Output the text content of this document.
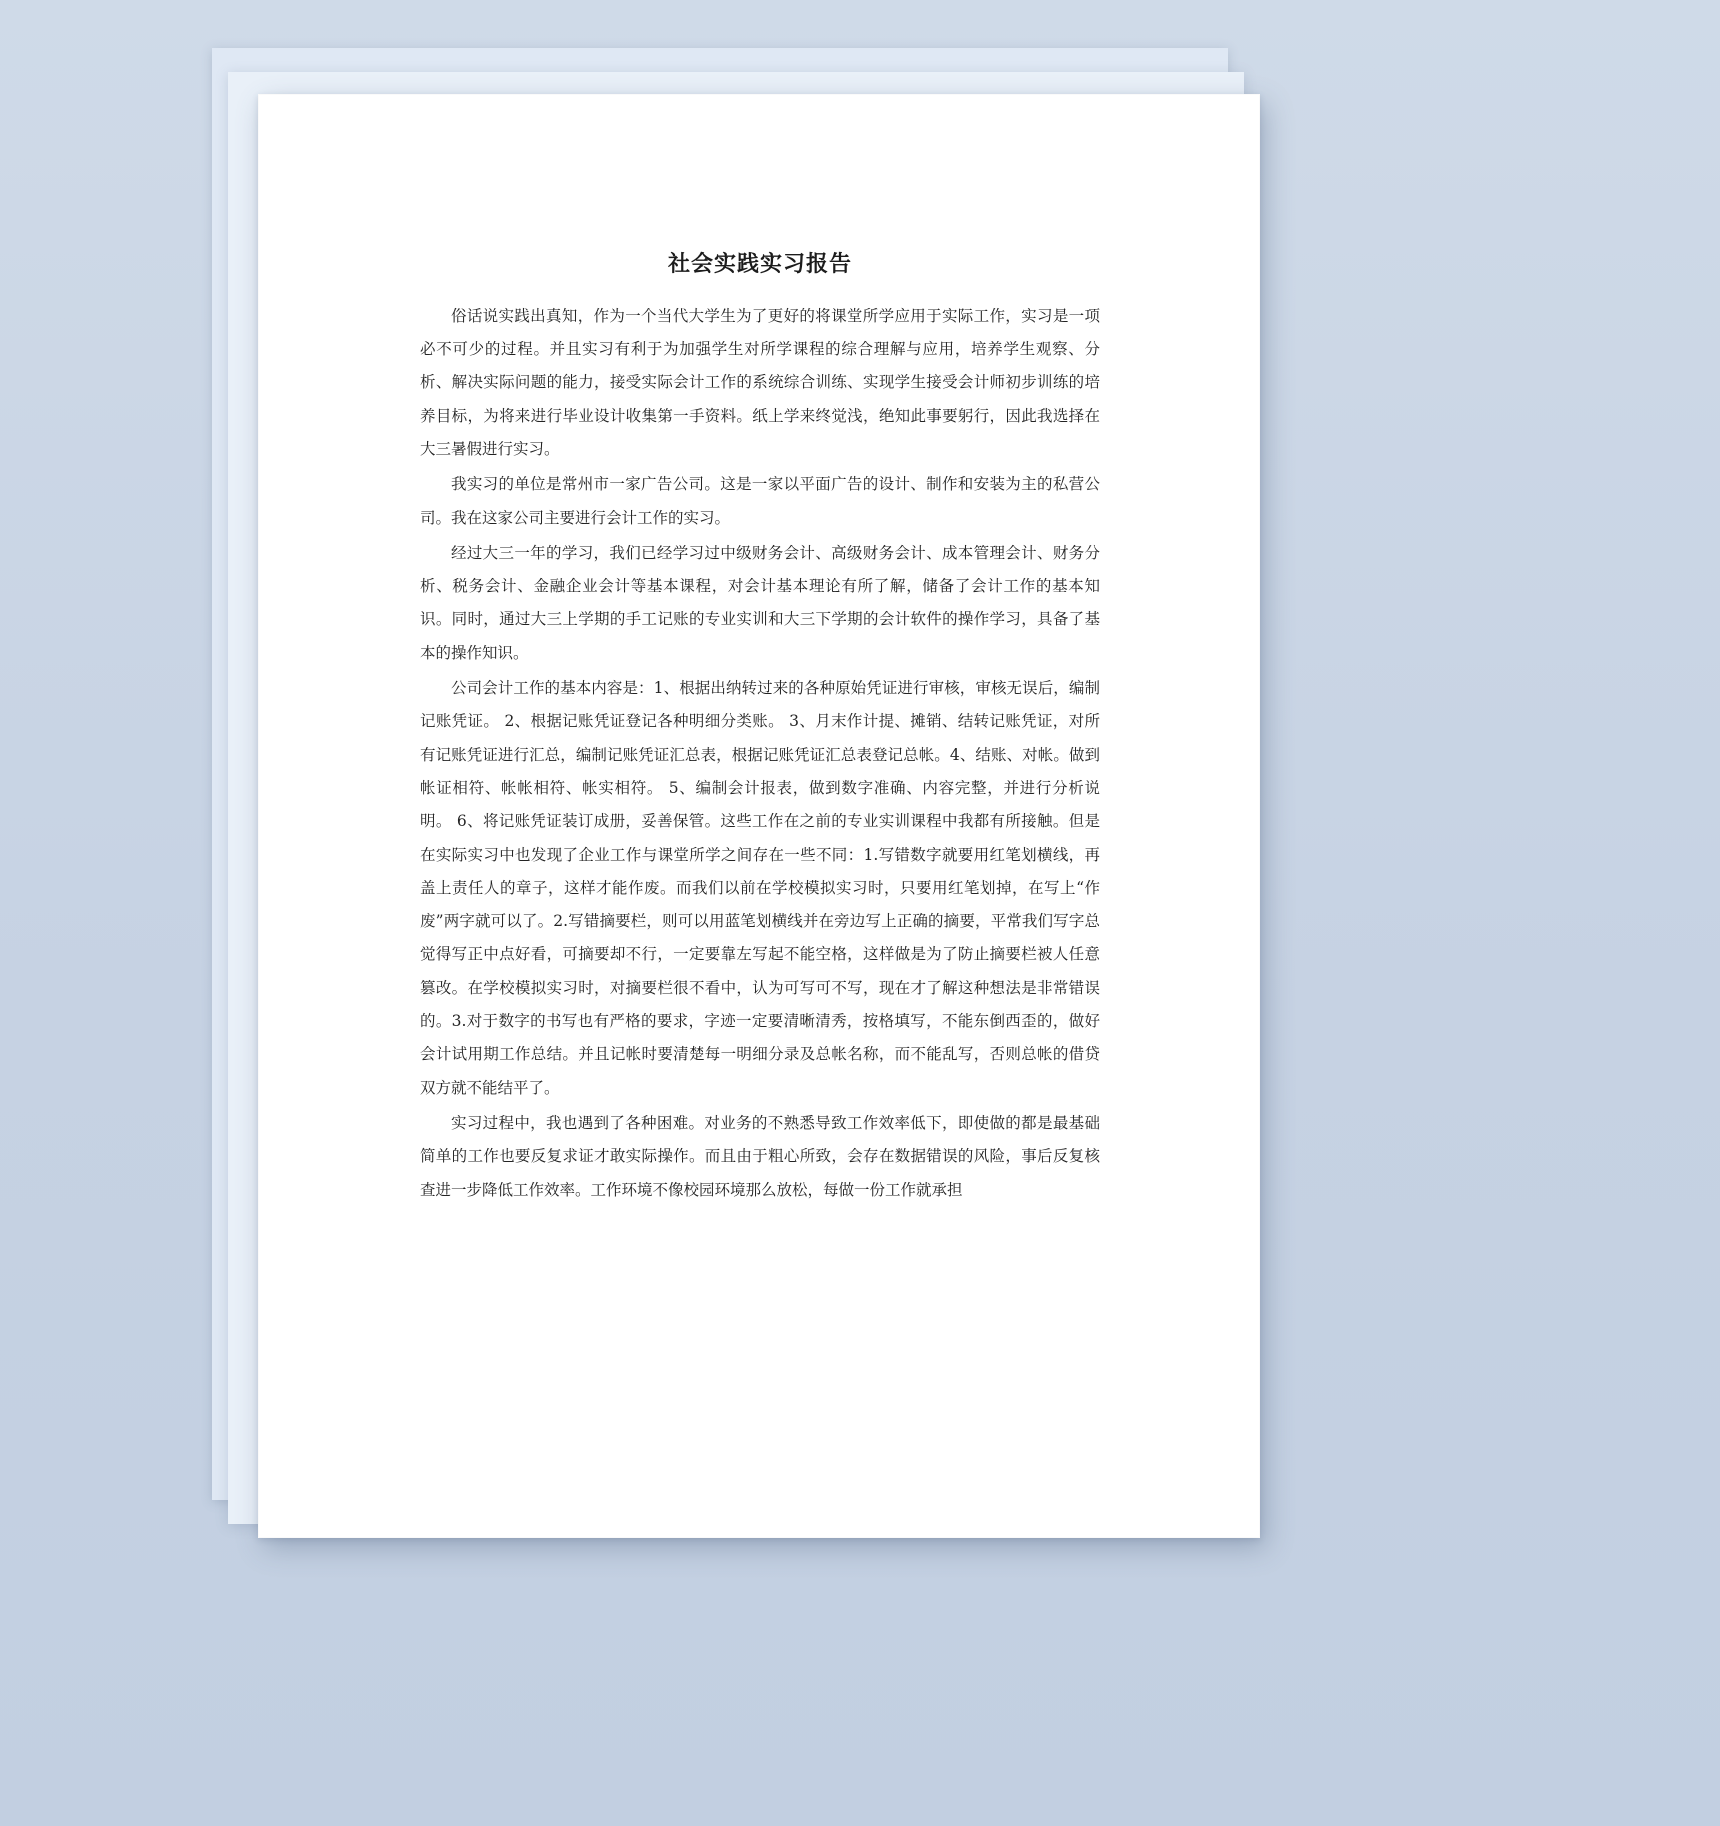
社会实践实习报告

俗话说实践出真知，作为一个当代大学生为了更好的将课堂所学应用于实际工作，实习是一项必不可少的过程。并且实习有利于为加强学生对所学课程的综合理解与应用，培养学生观察、分析、解决实际问题的能力，接受实际会计工作的系统综合训练、实现学生接受会计师初步训练的培养目标，为将来进行毕业设计收集第一手资料。纸上学来终觉浅，绝知此事要躬行，因此我选择在大三暑假进行实习。

我实习的单位是常州市一家广告公司。这是一家以平面广告的设计、制作和安装为主的私营公司。我在这家公司主要进行会计工作的实习。

经过大三一年的学习，我们已经学习过中级财务会计、高级财务会计、成本管理会计、财务分析、税务会计、金融企业会计等基本课程，对会计基本理论有所了解，储备了会计工作的基本知识。同时，通过大三上学期的手工记账的专业实训和大三下学期的会计软件的操作学习，具备了基本的操作知识。

公司会计工作的基本内容是：1、根据出纳转过来的各种原始凭证进行审核，审核无误后，编制记账凭证。 2、根据记账凭证登记各种明细分类账。 3、月末作计提、摊销、结转记账凭证，对所有记账凭证进行汇总，编制记账凭证汇总表，根据记账凭证汇总表登记总帐。4、结账、对帐。做到帐证相符、帐帐相符、帐实相符。 5、编制会计报表，做到数字准确、内容完整，并进行分析说明。 6、将记账凭证装订成册，妥善保管。这些工作在之前的专业实训课程中我都有所接触。但是在实际实习中也发现了企业工作与课堂所学之间存在一些不同：1.写错数字就要用红笔划横线，再盖上责任人的章子，这样才能作废。而我们以前在学校模拟实习时，只要用红笔划掉，在写上“作废”两字就可以了。2.写错摘要栏，则可以用蓝笔划横线并在旁边写上正确的摘要，平常我们写字总觉得写正中点好看，可摘要却不行，一定要靠左写起不能空格，这样做是为了防止摘要栏被人任意篡改。在学校模拟实习时，对摘要栏很不看中，认为可写可不写，现在才了解这种想法是非常错误的。3.对于数字的书写也有严格的要求，字迹一定要清晰清秀，按格填写，不能东倒西歪的，做好会计试用期工作总结。并且记帐时要清楚每一明细分录及总帐名称，而不能乱写，否则总帐的借贷双方就不能结平了。

实习过程中，我也遇到了各种困难。对业务的不熟悉导致工作效率低下，即使做的都是最基础简单的工作也要反复求证才敢实际操作。而且由于粗心所致，会存在数据错误的风险，事后反复核查进一步降低工作效率。工作环境不像校园环境那么放松，每做一份工作就承担
